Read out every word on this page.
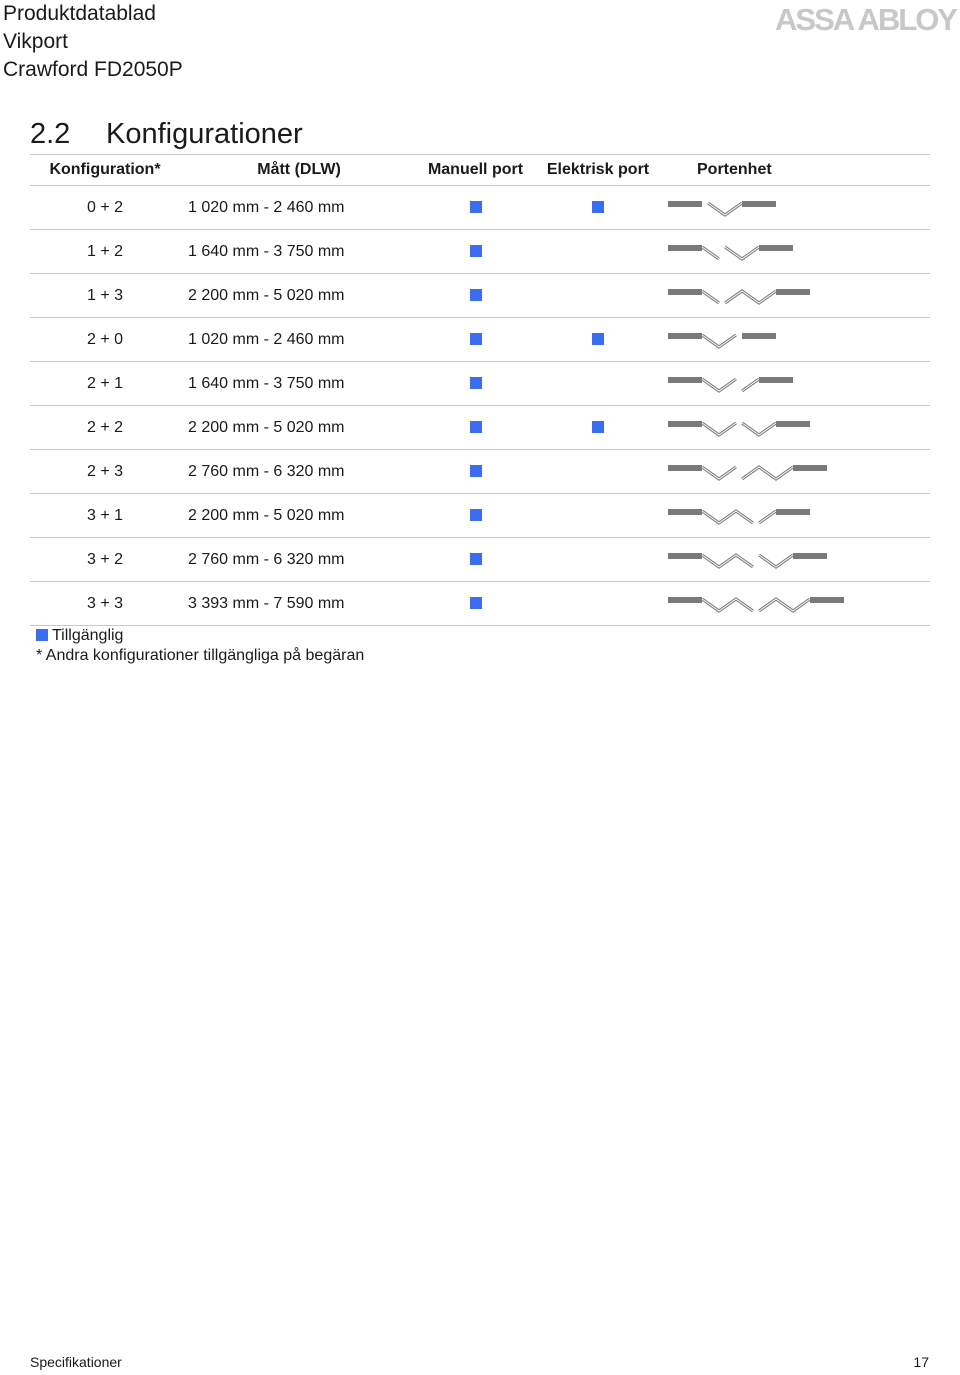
Produktdatablad
Vikport
Crawford FD2050P
ASSA ABLOY
2.2 Konfigurationer
Konfiguration*	Mått (DLW)	Manuell port	Elektrisk port	Portenhet
0 + 2	1 020 mm - 2 460 mm			

1 + 2	1 640 mm - 3 750 mm			

1 + 3	2 200 mm - 5 020 mm			

2 + 0	1 020 mm - 2 460 mm			

2 + 1	1 640 mm - 3 750 mm			

2 + 2	2 200 mm - 5 020 mm			

2 + 3	2 760 mm - 6 320 mm			

3 + 1	2 200 mm - 5 020 mm			

3 + 2	2 760 mm - 6 320 mm			

3 + 3	3 393 mm - 7 590 mm			
Tillgänglig
* Andra konfigurationer tillgängliga på begäran
Specifikationer	17
